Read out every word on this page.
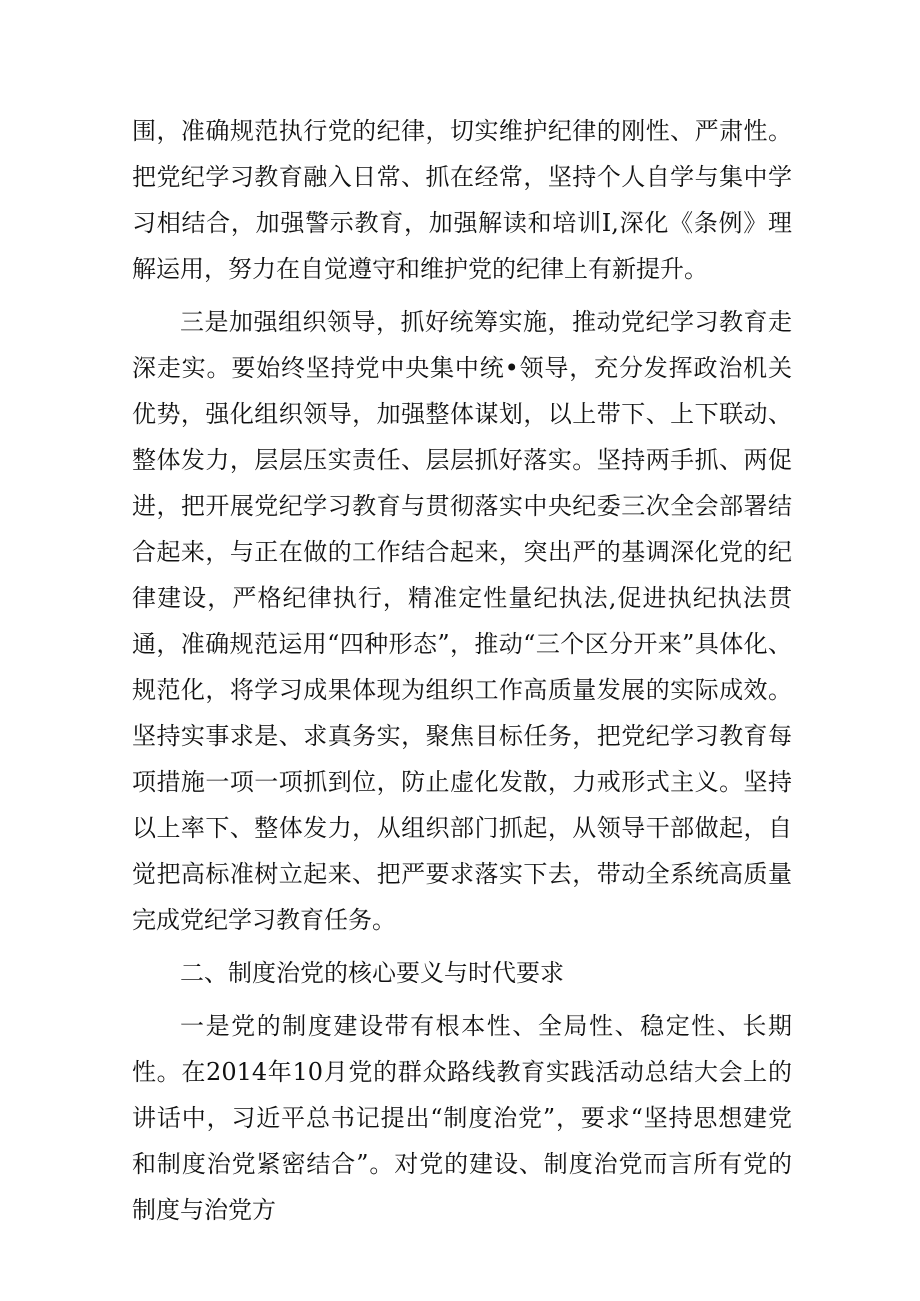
围，准确规范执行党的纪律，切实维护纪律的刚性、严肃性。把党纪学习教育融入日常、抓在经常，坚持个人自学与集中学习相结合，加强警示教育，加强解读和培训I,深化《条例》理解运用，努力在自觉遵守和维护党的纪律上有新提升。

三是加强组织领导，抓好统筹实施，推动党纪学习教育走深走实。要始终坚持党中央集中统•领导，充分发挥政治机关优势，强化组织领导，加强整体谋划，以上带下、上下联动、整体发力，层层压实责任、层层抓好落实。坚持两手抓、两促进，把开展党纪学习教育与贯彻落实中央纪委三次全会部署结合起来，与正在做的工作结合起来，突出严的基调深化党的纪律建设，严格纪律执行，精准定性量纪执法,促进执纪执法贯通，准确规范运用“四种形态”，推动“三个区分开来”具体化、规范化，将学习成果体现为组织工作高质量发展的实际成效。坚持实事求是、求真务实，聚焦目标任务，把党纪学习教育每项措施一项一项抓到位，防止虚化发散，力戒形式主义。坚持以上率下、整体发力，从组织部门抓起，从领导干部做起，自觉把高标准树立起来、把严要求落实下去，带动全系统高质量完成党纪学习教育任务。

二、制度治党的核心要义与时代要求

一是党的制度建设带有根本性、全局性、稳定性、长期性。在2014年10月党的群众路线教育实践活动总结大会上的讲话中，习近平总书记提出“制度治党”，要求“坚持思想建党和制度治党紧密结合”。对党的建设、制度治党而言所有党的制度与治党方
